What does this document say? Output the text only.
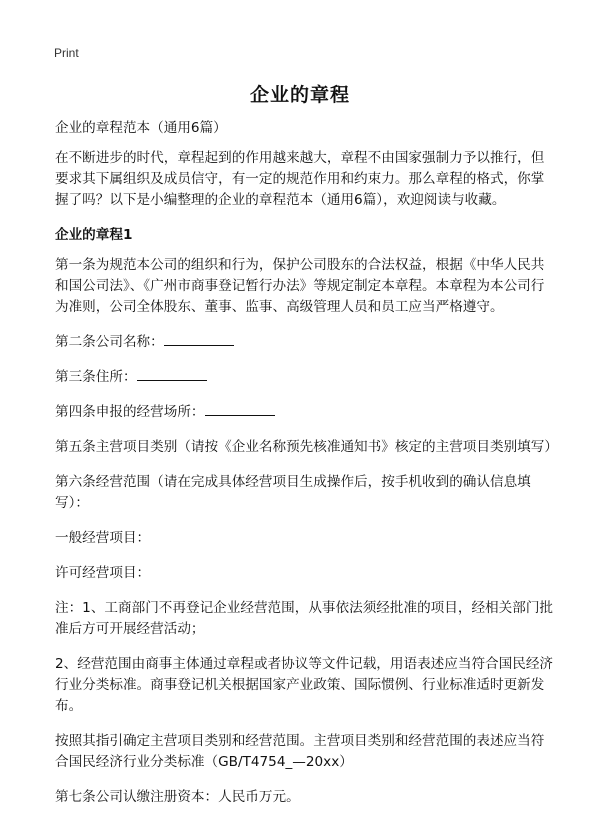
Print
企业的章程

企业的章程范本（通用6篇）

在不断进步的时代，章程起到的作用越来越大，章程不由国家强制力予以推行，但要求其下属组织及成员信守，有一定的规范作用和约束力。那么章程的格式，你掌握了吗？以下是小编整理的企业的章程范本（通用6篇），欢迎阅读与收藏。

企业的章程1

第一条为规范本公司的组织和行为，保护公司股东的合法权益，根据《中华人民共和国公司法》、《广州市商事登记暂行办法》等规定制定本章程。本章程为本公司行为准则，公司全体股东、董事、监事、高级管理人员和员工应当严格遵守。

第二条公司名称：

第三条住所：

第四条申报的经营场所：

第五条主营项目类别（请按《企业名称预先核准通知书》核定的主营项目类别填写）

第六条经营范围（请在完成具体经营项目生成操作后，按手机收到的确认信息填写）：

一般经营项目：

许可经营项目：

注：1、工商部门不再登记企业经营范围，从事依法须经批准的项目，经相关部门批准后方可开展经营活动；

2、经营范围由商事主体通过章程或者协议等文件记载，用语表述应当符合国民经济行业分类标准。商事登记机关根据国家产业政策、国际惯例、行业标准适时更新发布。

按照其指引确定主营项目类别和经营范围。主营项目类别和经营范围的表述应当符合国民经济行业分类标准（GB/T4754_—20xx）

第七条公司认缴注册资本：人民币万元。
